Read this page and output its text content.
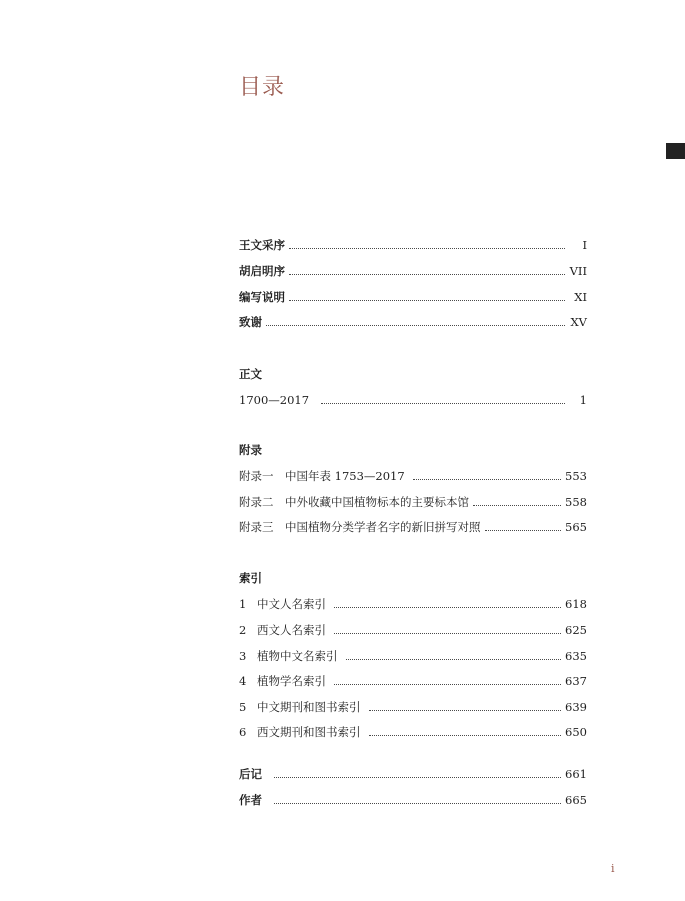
目录
王文采序	I
胡启明序	VII
编写说明	XI
致谢	XV
正文
1700—2017	1
附录
附录一　中国年表 1753—2017	553
附录二　中外收藏中国植物标本的主要标本馆	558
附录三　中国植物分类学者名字的新旧拼写对照	565
索引
1 中文人名索引	618
2 西文人名索引	625
3 植物中文名索引	635
4 植物学名索引	637
5 中文期刊和图书索引	639
6 西文期刊和图书索引	650
后记	661
作者	665
i
